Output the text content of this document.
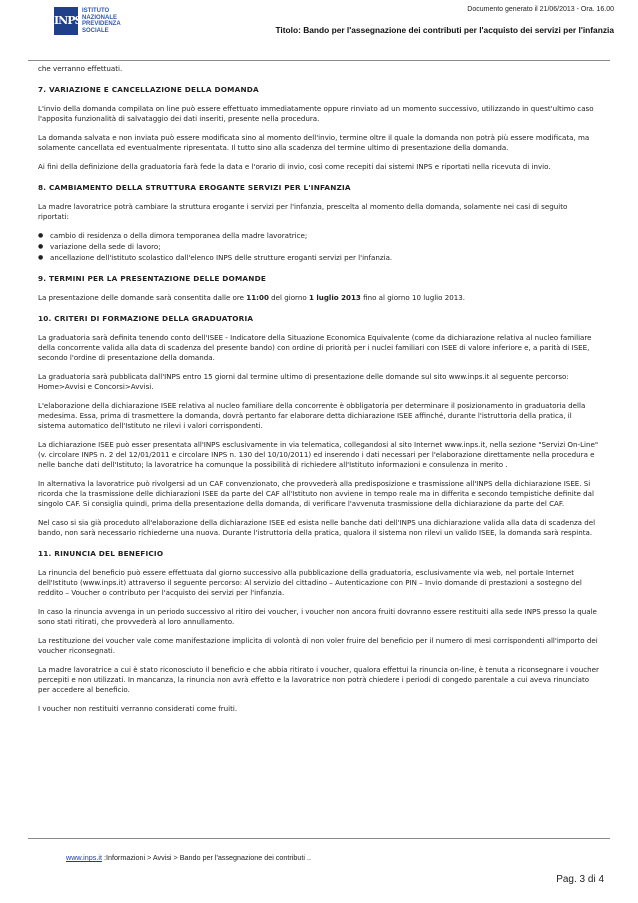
INPS
ISTITUTO
NAZIONALE
PREVIDENZA
SOCIALE
Documento generato il 21/06/2013 - Ora. 16.00
Titolo: Bando per l'assegnazione dei contributi per l'acquisto dei servizi per l'infanzia

che verranno effettuati.

7. VARIAZIONE E CANCELLAZIONE DELLA DOMANDA

L'invio della domanda compilata on line può essere effettuato immediatamente oppure rinviato ad un momento successivo, utilizzando in quest'ultimo caso l'apposita funzionalità di salvataggio dei dati inseriti, presente nella procedura.

La domanda salvata e non inviata può essere modificata sino al momento dell'invio, termine oltre il quale la domanda non potrà più essere modificata, ma solamente cancellata ed eventualmente ripresentata. Il tutto sino alla scadenza del termine ultimo di presentazione della domanda.

Ai fini della definizione della graduatoria farà fede la data e l'orario di invio, così come recepiti dai sistemi INPS e riportati nella ricevuta di invio.

8. CAMBIAMENTO DELLA STRUTTURA EROGANTE SERVIZI PER L'INFANZIA

La madre lavoratrice potrà cambiare la struttura erogante i servizi per l'infanzia, prescelta al momento della domanda, solamente nei casi di seguito riportati:

● cambio di residenza o della dimora temporanea della madre lavoratrice;
● variazione della sede di lavoro;
● ancellazione dell'istituto scolastico dall'elenco INPS delle strutture eroganti servizi per l'infanzia.
9. TERMINI PER LA PRESENTAZIONE DELLE DOMANDE

La presentazione delle domande sarà consentita dalle ore 11:00 del giorno 1 luglio 2013 fino al giorno 10 luglio 2013.

10. CRITERI DI FORMAZIONE DELLA GRADUATORIA

La graduatoria sarà definita tenendo conto dell'ISEE - Indicatore della Situazione Economica Equivalente (come da dichiarazione relativa al nucleo familiare della concorrente valida alla data di scadenza del presente bando) con ordine di priorità per i nuclei familiari con ISEE di valore inferiore e, a parità di ISEE, secondo l'ordine di presentazione della domanda.

La graduatoria sarà pubblicata dall'INPS entro 15 giorni dal termine ultimo di presentazione delle domande sul sito www.inps.it al seguente percorso: Home>Avvisi e Concorsi>Avvisi.

L'elaborazione della dichiarazione ISEE relativa al nucleo familiare della concorrente è obbligatoria per determinare il posizionamento in graduatoria della medesima. Essa, prima di trasmettere la domanda, dovrà pertanto far elaborare detta dichiarazione ISEE affinché, durante l'istruttoria della pratica, il sistema automatico dell'Istituto ne rilevi i valori corrispondenti.

La dichiarazione ISEE può esser presentata all'INPS esclusivamente in via telematica, collegandosi al sito Internet www.inps.it, nella sezione "Servizi On-Line" (v. circolare INPS n. 2 del 12/01/2011 e circolare INPS n. 130 del 10/10/2011) ed inserendo i dati necessari per l'elaborazione direttamente nella procedura e nelle banche dati dell'Istituto; la lavoratrice ha comunque la possibilità di richiedere all'Istituto informazioni e consulenza in merito .

In alternativa la lavoratrice può rivolgersi ad un CAF convenzionato, che provvederà alla predisposizione e trasmissione all'INPS della dichiarazione ISEE. Si ricorda che la trasmissione delle dichiarazioni ISEE da parte del CAF all'Istituto non avviene in tempo reale ma in differita e secondo tempistiche definite dal singolo CAF. Si consiglia quindi, prima della presentazione della domanda, di verificare l'avvenuta trasmissione della dichiarazione da parte del CAF.

Nel caso si sia già proceduto all'elaborazione della dichiarazione ISEE ed esista nelle banche dati dell'INPS una dichiarazione valida alla data di scadenza del bando, non sarà necessario richiederne una nuova. Durante l'istruttoria della pratica, qualora il sistema non rilevi un valido ISEE, la domanda sarà respinta.

11. RINUNCIA DEL BENEFICIO

La rinuncia del beneficio può essere effettuata dal giorno successivo alla pubblicazione della graduatoria, esclusivamente via web, nel portale Internet dell'Istituto (www.inps.it) attraverso il seguente percorso: Al servizio del cittadino – Autenticazione con PIN – Invio domande di prestazioni a sostegno del reddito – Voucher o contributo per l'acquisto dei servizi per l'infanzia.

In caso la rinuncia avvenga in un periodo successivo al ritiro dei voucher, i voucher non ancora fruiti dovranno essere restituiti alla sede INPS presso la quale sono stati ritirati, che provvederà al loro annullamento.

La restituzione dei voucher vale come manifestazione implicita di volontà di non voler fruire del beneficio per il numero di mesi corrispondenti all'importo dei voucher riconsegnati.

La madre lavoratrice a cui è stato riconosciuto il beneficio e che abbia ritirato i voucher, qualora effettui la rinuncia on-line, è tenuta a riconsegnare i voucher percepiti e non utilizzati. In mancanza, la rinuncia non avrà effetto e la lavoratrice non potrà chiedere i periodi di congedo parentale a cui aveva rinunciato per accedere al beneficio.

I voucher non restituiti verranno considerati come fruiti.

www.inps.it :Informazioni > Avvisi > Bando per l'assegnazione dei contributi ..
Pag. 3 di 4
